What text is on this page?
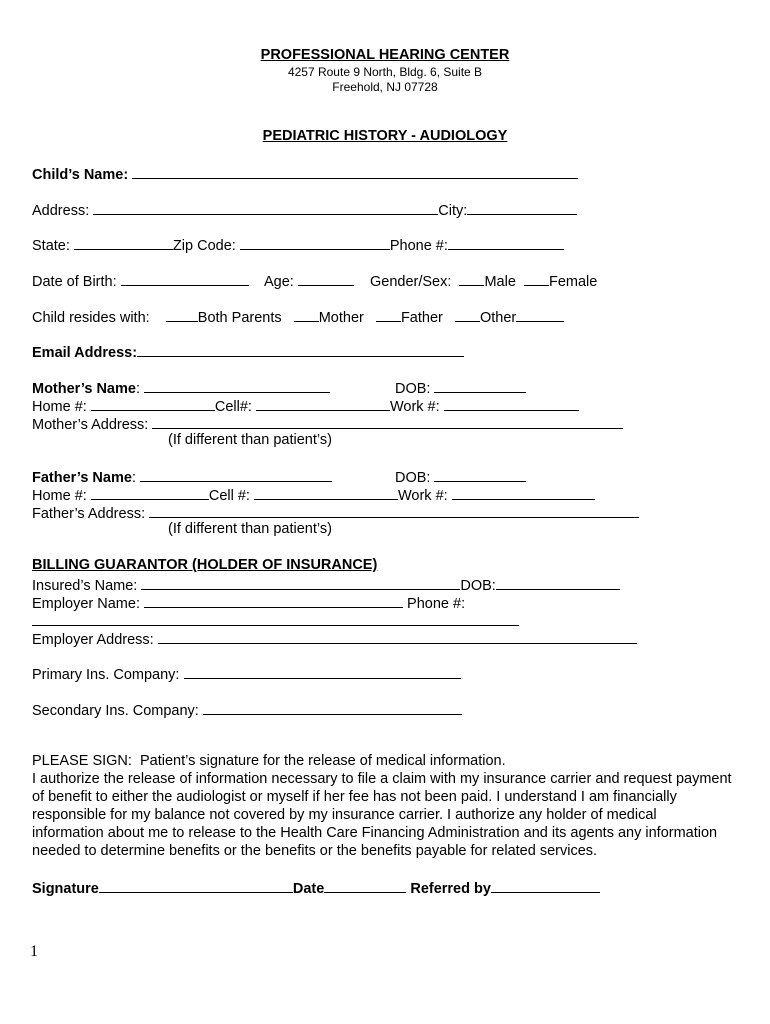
PROFESSIONAL HEARING CENTER
4257 Route 9 North, Bldg. 6, Suite B
Freehold, NJ 07728
PEDIATRIC HISTORY - AUDIOLOGY
Child’s Name:
Address:	City:
State:	Zip Code:	Phone #:
Date of Birth:	Age:	Gender/Sex: Male Female
Child resides with:	Both Parents	Mother	Father	Other
Email Address:
Mother’s Name:	DOB:
Home #:	Cell#:	Work #:
Mother’s Address:
(If different than patient’s)
Father’s Name:	DOB:
Home #:	Cell #:	Work #:
Father’s Address:
(If different than patient’s)
BILLING GUARANTOR (HOLDER OF INSURANCE)
Insured’s Name:	DOB:
Employer Name:	Phone #:
Employer Address:
Primary Ins. Company:
Secondary Ins. Company:
PLEASE SIGN:  Patient’s signature for the release of medical information.
I authorize the release of information necessary to file a claim with my insurance carrier and request payment of benefit to either the audiologist or myself if her fee has not been paid. I understand I am financially responsible for my balance not covered by my insurance carrier. I authorize any holder of medical information about me to release to the Health Care Financing Administration and its agents any information needed to determine benefits or the benefits or the benefits payable for related services.
Signature	Date	Referred by
1
